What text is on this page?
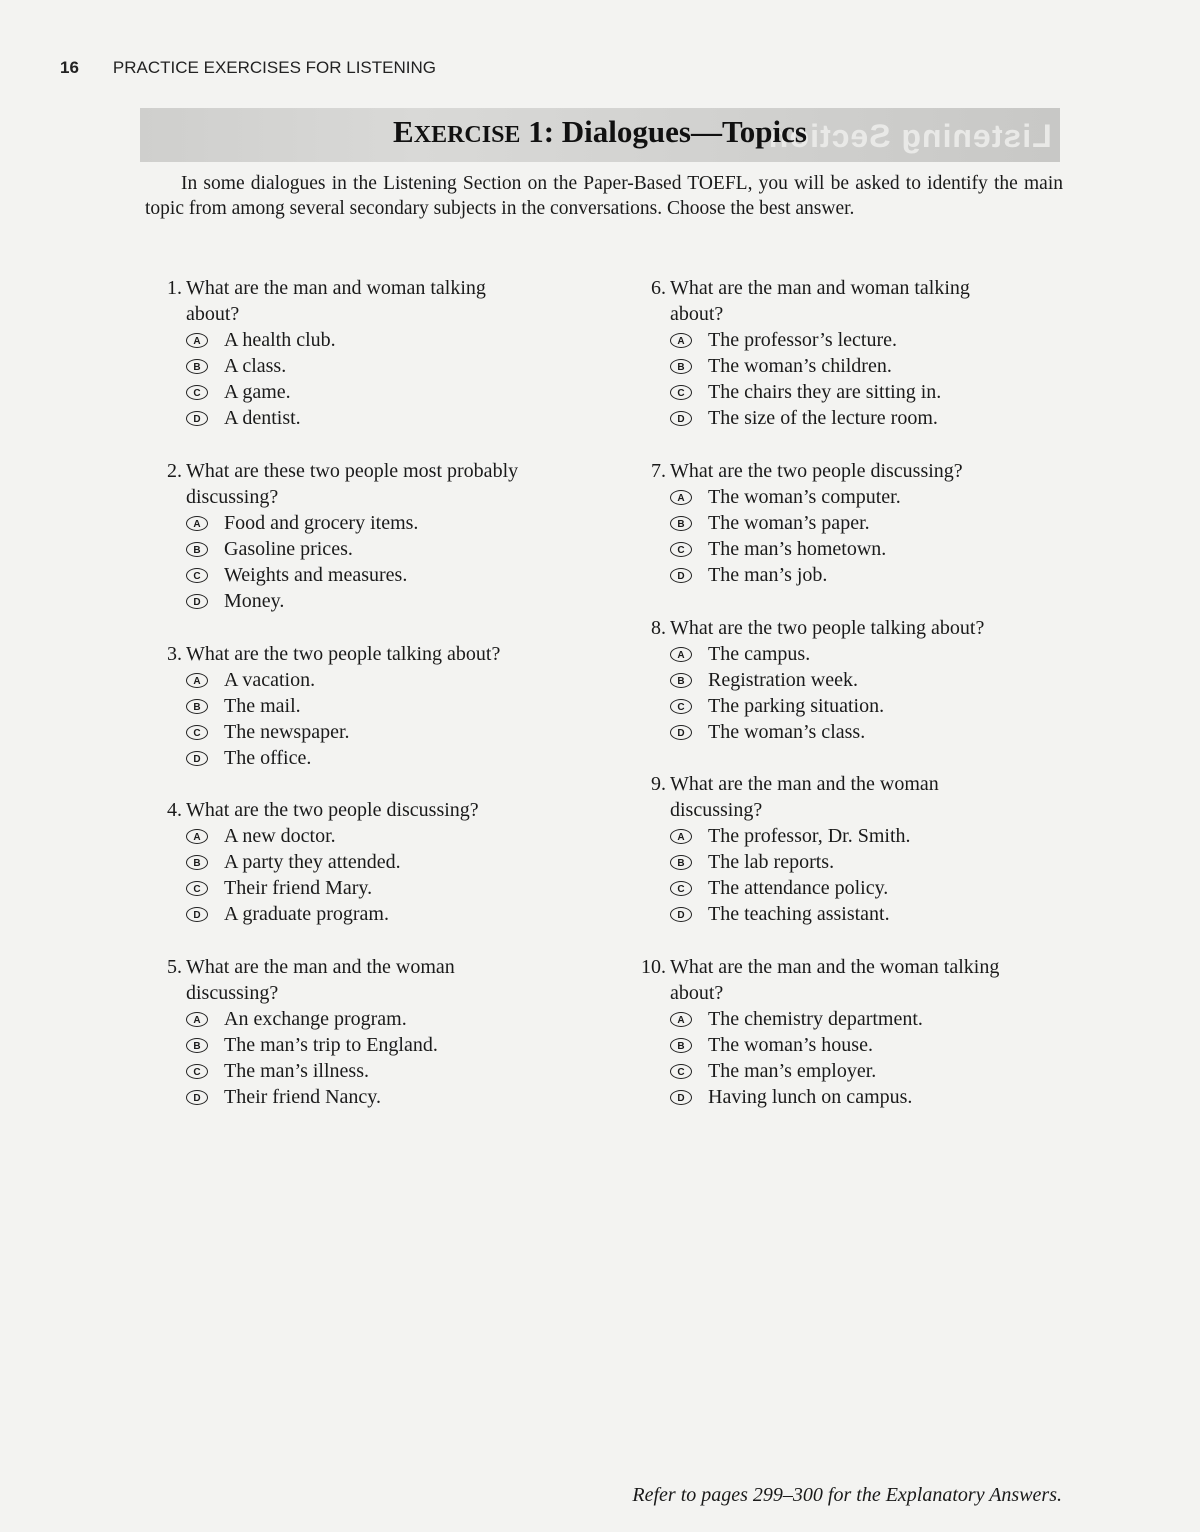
16 PRACTICE EXERCISES FOR LISTENING
Listening Section
EXERCISE 1: Dialogues—Topics
In some dialogues in the Listening Section on the Paper-Based TOEFL, you will be asked to identify the main topic from among several secondary subjects in the conversations. Choose the best answer.
1. What are the man and woman talking about?
A	A health club.
B	A class.
C	A game.
D	A dentist.
2. What are these two people most probably discussing?
A	Food and grocery items.
B	Gasoline prices.
C	Weights and measures.
D	Money.
3. What are the two people talking about?
A	A vacation.
B	The mail.
C	The newspaper.
D	The office.
4. What are the two people discussing?
A	A new doctor.
B	A party they attended.
C	Their friend Mary.
D	A graduate program.
5. What are the man and the woman discussing?
A	An exchange program.
B	The man’s trip to England.
C	The man’s illness.
D	Their friend Nancy.
6. What are the man and woman talking about?
A	The professor’s lecture.
B	The woman’s children.
C	The chairs they are sitting in.
D	The size of the lecture room.
7. What are the two people discussing?
A	The woman’s computer.
B	The woman’s paper.
C	The man’s hometown.
D	The man’s job.
8. What are the two people talking about?
A	The campus.
B	Registration week.
C	The parking situation.
D	The woman’s class.
9. What are the man and the woman discussing?
A	The professor, Dr. Smith.
B	The lab reports.
C	The attendance policy.
D	The teaching assistant.
10. What are the man and the woman talking about?
A	The chemistry department.
B	The woman’s house.
C	The man’s employer.
D	Having lunch on campus.
Refer to pages 299–300 for the Explanatory Answers.
